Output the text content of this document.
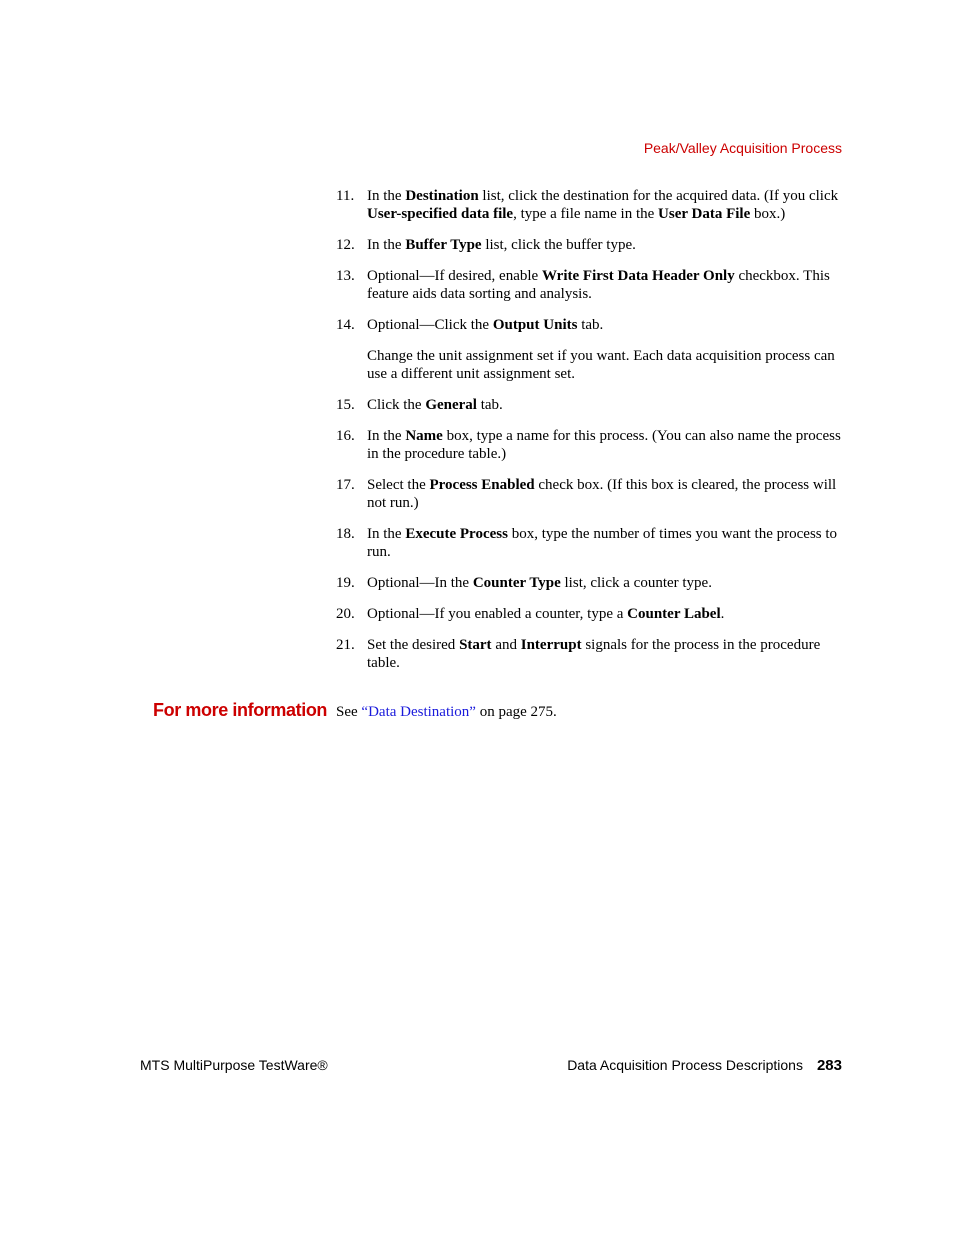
Peak/Valley Acquisition Process
11. In the Destination list, click the destination for the acquired data. (If you click User-specified data file, type a file name in the User Data File box.)

12. In the Buffer Type list, click the buffer type.

13. Optional—If desired, enable Write First Data Header Only checkbox. This feature aids data sorting and analysis.

14. Optional—Click the Output Units tab.

Change the unit assignment set if you want. Each data acquisition process can use a different unit assignment set.

15. Click the General tab.

16. In the Name box, type a name for this process. (You can also name the process in the procedure table.)

17. Select the Process Enabled check box. (If this box is cleared, the process will not run.)

18. In the Execute Process box, type the number of times you want the process to run.

19. Optional—In the Counter Type list, click a counter type.

20. Optional—If you enabled a counter, type a Counter Label.

21. Set the desired Start and Interrupt signals for the process in the procedure table.

For more information See “Data Destination” on page 275.
MTS MultiPurpose TestWare®	Data Acquisition Process Descriptions 283
